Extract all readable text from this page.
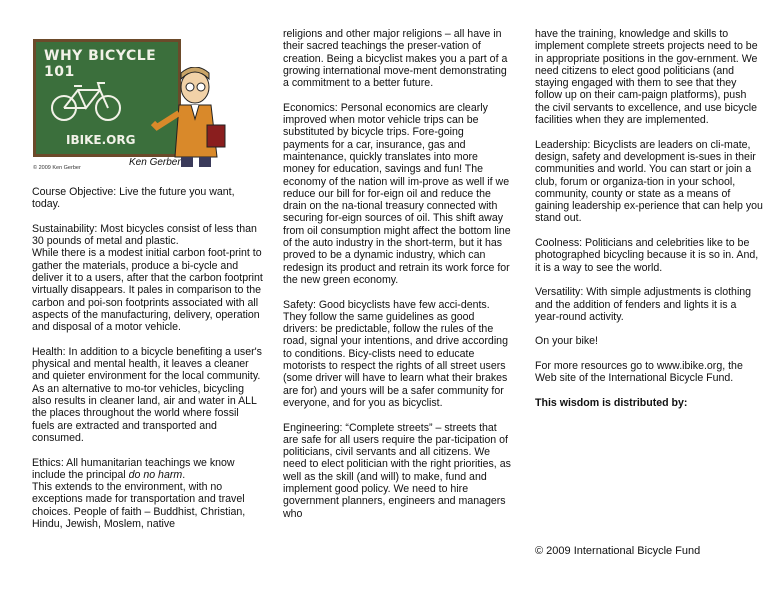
WHY BICYCLE 101
IBIKE.ORG
Ken Gerber
© 2009 Ken Gerber

Course Objective: Live the future you want, today.

Sustainability: Most bicycles consist of less than 30 pounds of metal and plastic.
While there is a modest initial carbon foot-print to gather the materials, produce a bi-cycle and deliver it to a users, after that the carbon footprint virtually disappears. It pales in comparison to the carbon and poi-son footprints associated with all aspects of the manufacturing, delivery, operation and disposal of a motor vehicle.

Health: In addition to a bicycle benefiting a user's physical and mental health, it leaves a cleaner and quieter environment for the local community. As an alternative to mo-tor vehicles, bicycling also results in cleaner land, air and water in ALL the places throughout the world where fossil fuels are extracted and transported and consumed.

Ethics: All humanitarian teachings we know include the principal do no harm.
This extends to the environment, with no exceptions made for transportation and travel choices. People of faith – Buddhist, Christian, Hindu, Jewish, Moslem, native

religions and other major religions – all have in their sacred teachings the preser-vation of creation. Being a bicyclist makes you a part of a growing international move-ment demonstrating a commitment to a better future.

Economics: Personal economics are clearly improved when motor vehicle trips can be substituted by bicycle trips. Fore-going payments for a car, insurance, gas and maintenance, quickly translates into more money for education, savings and fun! The economy of the nation will im-prove as well if we reduce our bill for for-eign oil and reduce the drain on the na-tional treasury connected with securing for-eign sources of oil. This shift away from oil consumption might affect the bottom line of the auto industry in the short-term, but it has proved to be a dynamic industry, which can redesign its product and retrain its work force for the new green economy.

Safety: Good bicyclists have few acci-dents. They follow the same guidelines as good drivers: be predictable, follow the rules of the road, signal your intentions, and drive according to conditions. Bicy-clists need to educate motorists to respect the rights of all street users (some driver will have to learn what their brakes are for) and yours will be a safer community for everyone, and for you as bicyclist.

Engineering: “Complete streets” – streets that are safe for all users require the par-ticipation of politicians, civil servants and all citizens. We need to elect politician with the right priorities, as well as the skill (and will) to make, fund and implement good policy. We need to hire government planners, engineers and managers who

have the training, knowledge and skills to implement complete streets projects need to be in appropriate positions in the gov-ernment. We need citizens to elect good politicians (and staying engaged with them to see that they follow up on their cam-paign platforms), push the civil servants to excellence, and use bicycle facilities when they are implemented.

Leadership: Bicyclists are leaders on cli-mate, design, safety and development is-sues in their communities and world. You can start or join a club, forum or organiza-tion in your school, community, county or state as a means of gaining leadership ex-perience that can help you stand out.

Coolness: Politicians and celebrities like to be photographed bicycling because it is so in. And, it is a way to see the world.

Versatility: With simple adjustments is clothing and the addition of fenders and lights it is a year-round activity.

On your bike!

For more resources go to www.ibike.org, the Web site of the International Bicycle Fund.

This wisdom is distributed by:

© 2009 International Bicycle Fund
